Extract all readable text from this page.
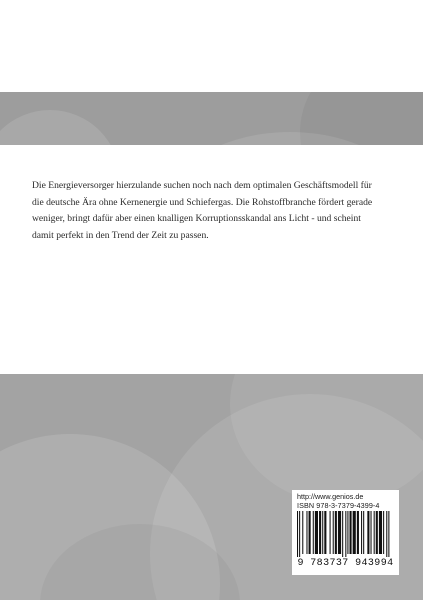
Die Energieversorger hierzulande suchen noch nach dem optimalen Geschäftsmodell für
die deutsche Ära ohne Kernenergie und Schiefergas. Die Rohstoffbranche fördert gerade
weniger, bringt dafür aber einen knalligen Korruptionsskandal ans Licht - und scheint
damit perfekt in den Trend der Zeit zu passen.

http://www.genios.de
ISBN 978-3-7379-4399-4
9 783737 943994
